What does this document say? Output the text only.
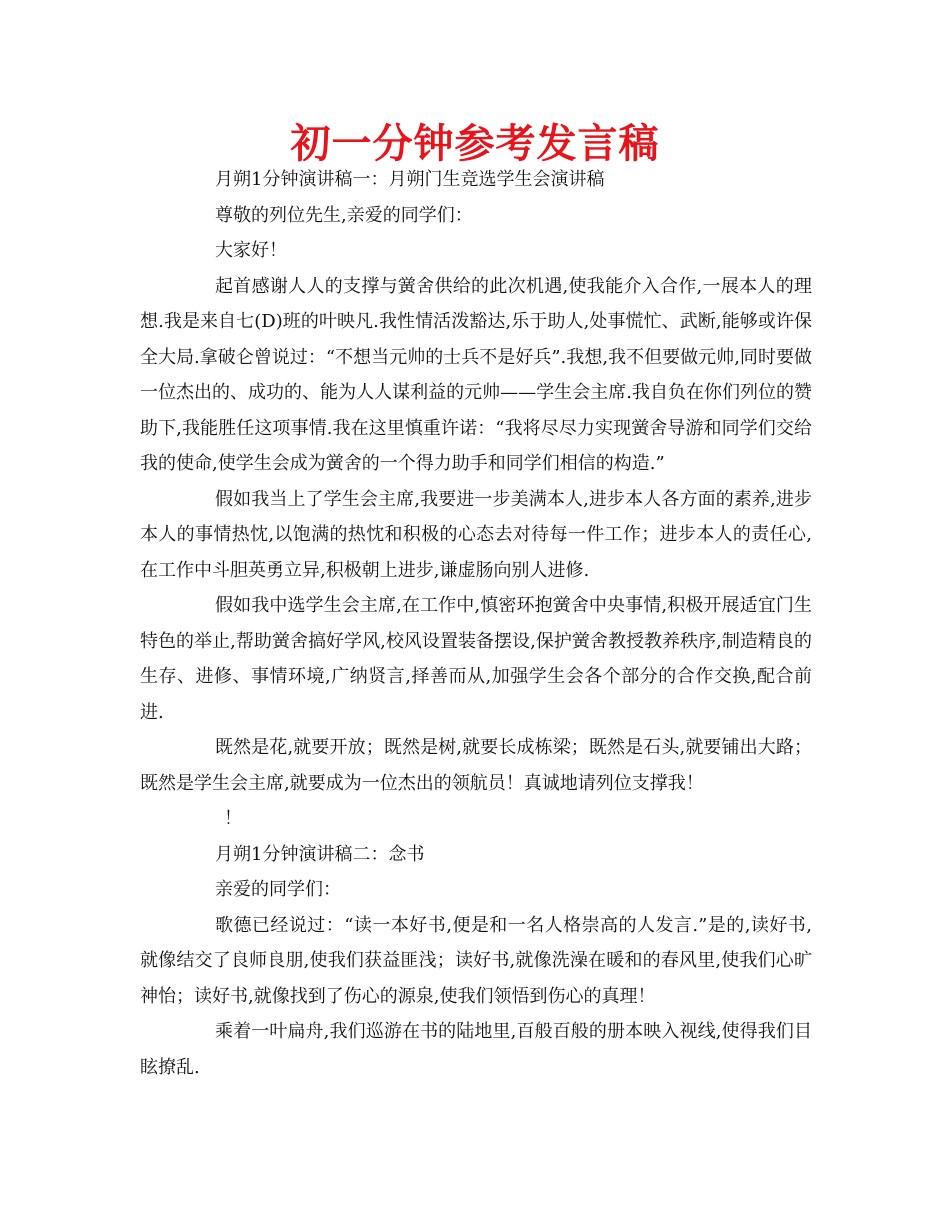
初一分钟参考发言稿

月朔1分钟演讲稿一：月朔门生竞选学生会演讲稿

尊敬的列位先生,亲爱的同学们：

大家好！

起首感谢人人的支撑与黉舍供给的此次机遇,使我能介入合作,一展本人的理想.我是来自七(D)班的叶映凡.我性情活泼豁达,乐于助人,处事慌忙、武断,能够或许保全大局.拿破仑曾说过：“不想当元帅的士兵不是好兵”.我想,我不但要做元帅,同时要做一位杰出的、成功的、能为人人谋利益的元帅——学生会主席.我自负在你们列位的赞助下,我能胜任这项事情.我在这里慎重许诺：“我将尽尽力实现黉舍导游和同学们交给我的使命,使学生会成为黉舍的一个得力助手和同学们相信的构造.”

假如我当上了学生会主席,我要进一步美满本人,进步本人各方面的素养,进步本人的事情热忱,以饱满的热忱和积极的心态去对待每一件工作；进步本人的责任心,在工作中斗胆英勇立异,积极朝上进步,谦虚肠向别人进修.

假如我中选学生会主席,在工作中,慎密环抱黉舍中央事情,积极开展适宜门生特色的举止,帮助黉舍搞好学风,校风设置装备摆设,保护黉舍教授教养秩序,制造精良的生存、进修、事情环境,广纳贤言,择善而从,加强学生会各个部分的合作交换,配合前进.

既然是花,就要开放；既然是树,就要长成栋梁；既然是石头,就要铺出大路；既然是学生会主席,就要成为一位杰出的领航员！真诚地请列位支撑我！

！

月朔1分钟演讲稿二：念书

亲爱的同学们：

歌德已经说过：“读一本好书,便是和一名人格崇高的人发言.”是的,读好书,就像结交了良师良朋,使我们获益匪浅；读好书,就像洗澡在暖和的春风里,使我们心旷神怡；读好书,就像找到了伤心的源泉,使我们领悟到伤心的真理！

乘着一叶扁舟,我们巡游在书的陆地里,百般百般的册本映入视线,使得我们目眩撩乱.
